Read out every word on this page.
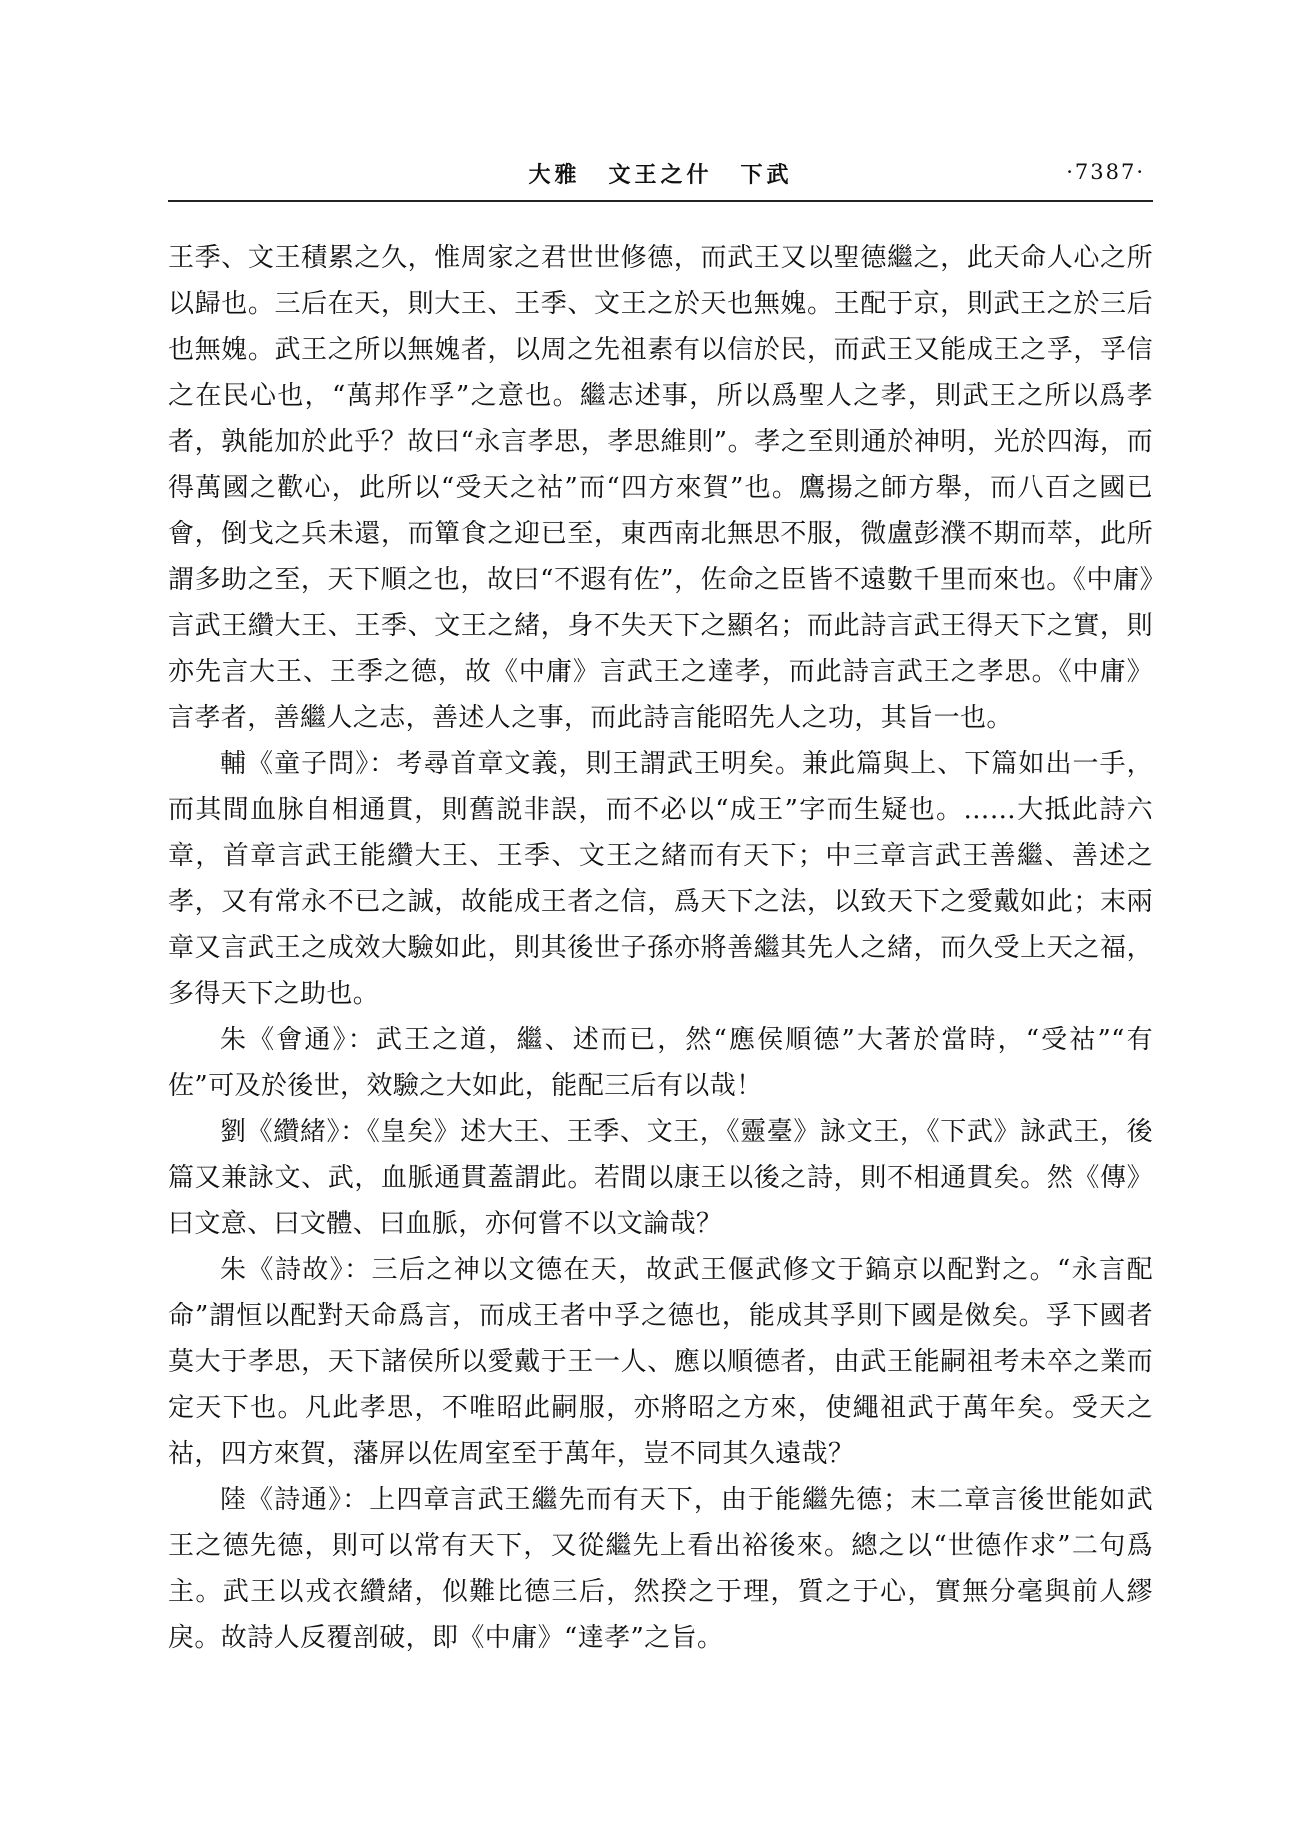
大雅 文王之什 下武	·7387·

王季、文王積累之久，惟周家之君世世修德，而武王又以聖德繼之，此天命人心之所以歸也。三后在天，則大王、王季、文王之於天也無媿。王配于京，則武王之於三后也無媿。武王之所以無媿者，以周之先祖素有以信於民，而武王又能成王之孚，孚信之在民心也，“萬邦作孚”之意也。繼志述事，所以爲聖人之孝，則武王之所以爲孝者，孰能加於此乎？故曰“永言孝思，孝思維則”。孝之至則通於神明，光於四海，而得萬國之歡心，此所以“受天之祜”而“四方來賀”也。鷹揚之師方舉，而八百之國已會，倒戈之兵未還，而簞食之迎已至，東西南北無思不服，微盧彭濮不期而萃，此所謂多助之至，天下順之也，故曰“不遐有佐”，佐命之臣皆不遠數千里而來也。《中庸》言武王纘大王、王季、文王之緒，身不失天下之顯名；而此詩言武王得天下之實，則亦先言大王、王季之德，故《中庸》言武王之達孝，而此詩言武王之孝思。《中庸》言孝者，善繼人之志，善述人之事，而此詩言能昭先人之功，其旨一也。

輔《童子問》：考尋首章文義，則王謂武王明矣。兼此篇與上、下篇如出一手，而其間血脉自相通貫，則舊説非誤，而不必以“成王”字而生疑也。……大抵此詩六章，首章言武王能纘大王、王季、文王之緒而有天下；中三章言武王善繼、善述之孝，又有常永不已之誠，故能成王者之信，爲天下之法，以致天下之愛戴如此；末兩章又言武王之成效大驗如此，則其後世子孫亦將善繼其先人之緒，而久受上天之福，多得天下之助也。

朱《會通》：武王之道，繼、述而已，然“應侯順德”大著於當時，“受祜”“有佐”可及於後世，效驗之大如此，能配三后有以哉！

劉《纘緒》：《皇矣》述大王、王季、文王，《靈臺》詠文王，《下武》詠武王，後篇又兼詠文、武，血脈通貫蓋謂此。若間以康王以後之詩，則不相通貫矣。然《傳》曰文意、曰文體、曰血脈，亦何嘗不以文論哉？

朱《詩故》：三后之神以文德在天，故武王偃武修文于鎬京以配對之。“永言配命”謂恒以配對天命爲言，而成王者中孚之德也，能成其孚則下國是傚矣。孚下國者莫大于孝思，天下諸侯所以愛戴于王一人、應以順德者，由武王能嗣祖考未卒之業而定天下也。凡此孝思，不唯昭此嗣服，亦將昭之方來，使繩祖武于萬年矣。受天之祜，四方來賀，藩屏以佐周室至于萬年，豈不同其久遠哉？

陸《詩通》：上四章言武王繼先而有天下，由于能繼先德；末二章言後世能如武王之德先德，則可以常有天下，又從繼先上看出裕後來。總之以“世德作求”二句爲主。武王以戎衣纘緒，似難比德三后，然揆之于理，質之于心，實無分毫與前人繆戾。故詩人反覆剖破，即《中庸》“達孝”之旨。
